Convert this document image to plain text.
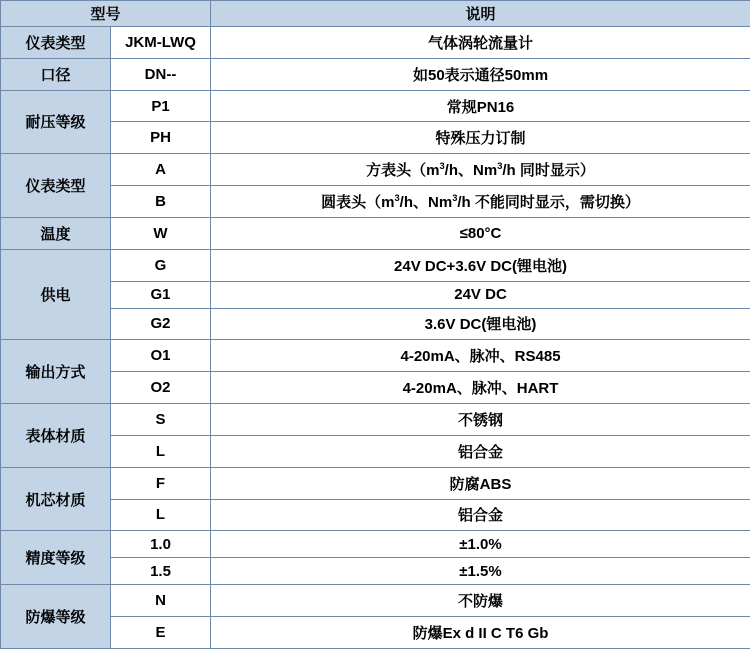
型号		说明
仪表类型	JKM-LWQ	气体涡轮流量计
口径	DN--	如50表示通径50mm
耐压等级	P1	常规PN16
	PH	特殊压力订制
仪表类型	A	方表头（$m^3/h$、Nm$^3$/h 同时显示）
	B	圆表头（$m^3/h$、Nm$^3$/h 不能同时显示，需切换）
温度	W	≤80°C
供电	G	24V DC+3.6V DC(锂电池)
	G1	24V DC
	G2	3.6V DC(锂电池)
输出方式	O1	4-20mA、脉冲、RS485
	O2	4-20mA、脉冲、HART
表体材质	S	不锈钢
	L	铝合金
机芯材质	F	防腐ABS
	L	铝合金
精度等级	1.0	±1.0%
	1.5	±1.5%
防爆等级	N	不防爆
	E	防爆Ex d II C T6 Gb
